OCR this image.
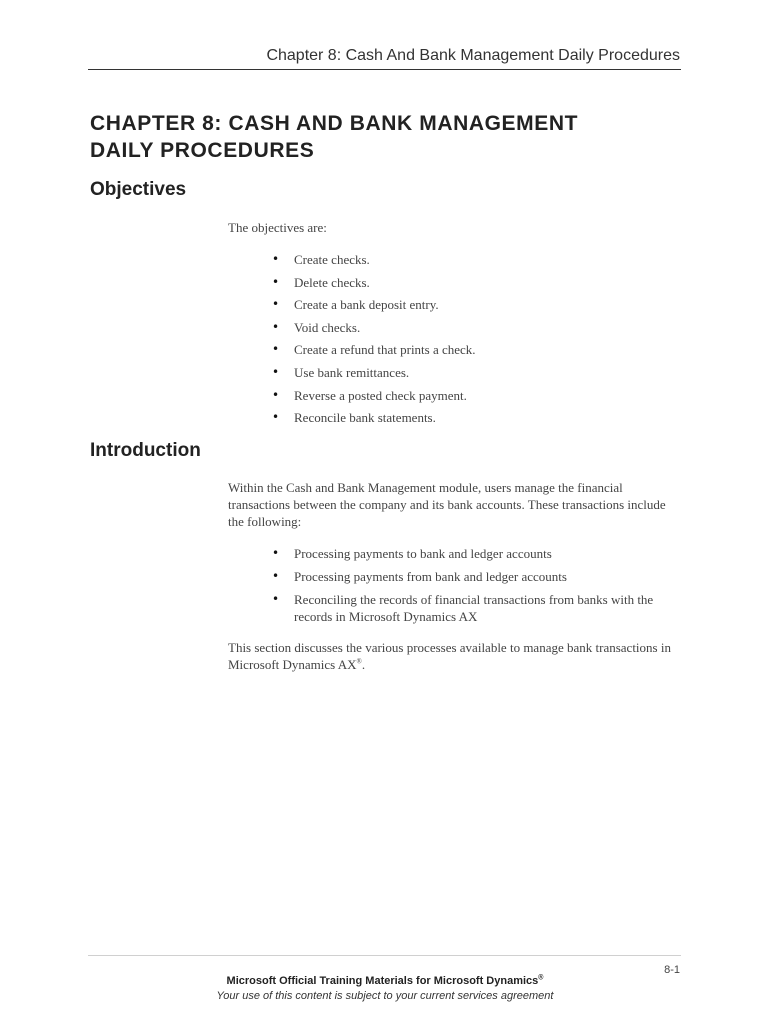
Chapter 8: Cash And Bank Management Daily Procedures
CHAPTER 8: CASH AND BANK MANAGEMENT
DAILY PROCEDURES
Objectives

The objectives are:

• Create checks.
• Delete checks.
• Create a bank deposit entry.
• Void checks.
• Create a refund that prints a check.
• Use bank remittances.
• Reverse a posted check payment.
• Reconcile bank statements.
Introduction

Within the Cash and Bank Management module, users manage the financial transactions between the company and its bank accounts. These transactions include the following:

• Processing payments to bank and ledger accounts
• Processing payments from bank and ledger accounts
• Reconciling the records of financial transactions from banks with the records in Microsoft Dynamics AX

This section discusses the various processes available to manage bank transactions in Microsoft Dynamics AX®.

8-1
Microsoft Official Training Materials for Microsoft Dynamics®
Your use of this content is subject to your current services agreement
